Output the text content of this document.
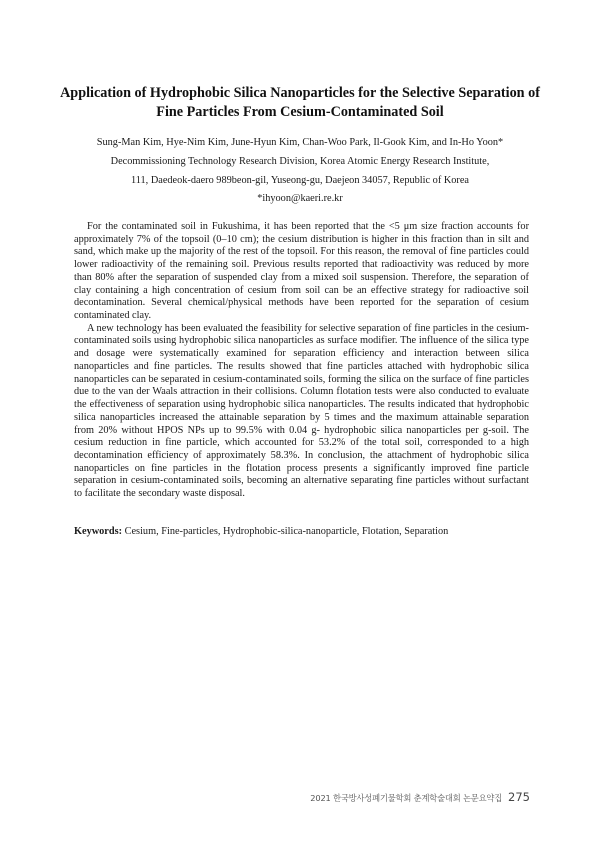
Application of Hydrophobic Silica Nanoparticles for the Selective Separation of
Fine Particles From Cesium-Contaminated Soil
Sung-Man Kim, Hye-Nim Kim, June-Hyun Kim, Chan-Woo Park, Il-Gook Kim, and In-Ho Yoon*
Decommissioning Technology Research Division, Korea Atomic Energy Research Institute,
111, Daedeok-daero 989beon-gil, Yuseong-gu, Daejeon 34057, Republic of Korea
*ihyoon@kaeri.re.kr

For the contaminated soil in Fukushima, it has been reported that the <5 μm size fraction accounts for approximately 7% of the topsoil (0–10 cm); the cesium distribution is higher in this fraction than in silt and sand, which make up the majority of the rest of the topsoil. For this reason, the removal of fine particles could lower radioactivity of the remaining soil. Previous results reported that radioactivity was reduced by more than 80% after the separation of suspended clay from a mixed soil suspension. Therefore, the separation of clay containing a high concentration of cesium from soil can be an effective strategy for radioactive soil decontamination. Several chemical/physical methods have been reported for the separation of cesium contaminated clay.

A new technology has been evaluated the feasibility for selective separation of fine particles in the cesium-contaminated soils using hydrophobic silica nanoparticles as surface modifier. The influence of the silica type and dosage were systematically examined for separation efficiency and interaction between silica nanoparticles and fine particles. The results showed that fine particles attached with hydrophobic silica nanoparticles can be separated in cesium-contaminated soils, forming the silica on the surface of fine particles due to the van der Waals attraction in their collisions. Column flotation tests were also conducted to evaluate the effectiveness of separation using hydrophobic silica nanoparticles. The results indicated that hydrophobic silica nanoparticles increased the attainable separation by 5 times and the maximum attainable separation from 20% without HPOS NPs up to 99.5% with 0.04 g- hydrophobic silica nanoparticles per g-soil. The cesium reduction in fine particle, which accounted for 53.2% of the total soil, corresponded to a high decontamination efficiency of approximately 58.3%. In conclusion, the attachment of hydrophobic silica nanoparticles on fine particles in the flotation process presents a significantly improved fine particle separation in cesium-contaminated soils, becoming an alternative separating fine particles without surfactant to facilitate the secondary waste disposal.

Keywords: Cesium, Fine-particles, Hydrophobic-silica-nanoparticle, Flotation, Separation
2021 한국방사성폐기물학회 춘계학술대회 논문요약집 275
